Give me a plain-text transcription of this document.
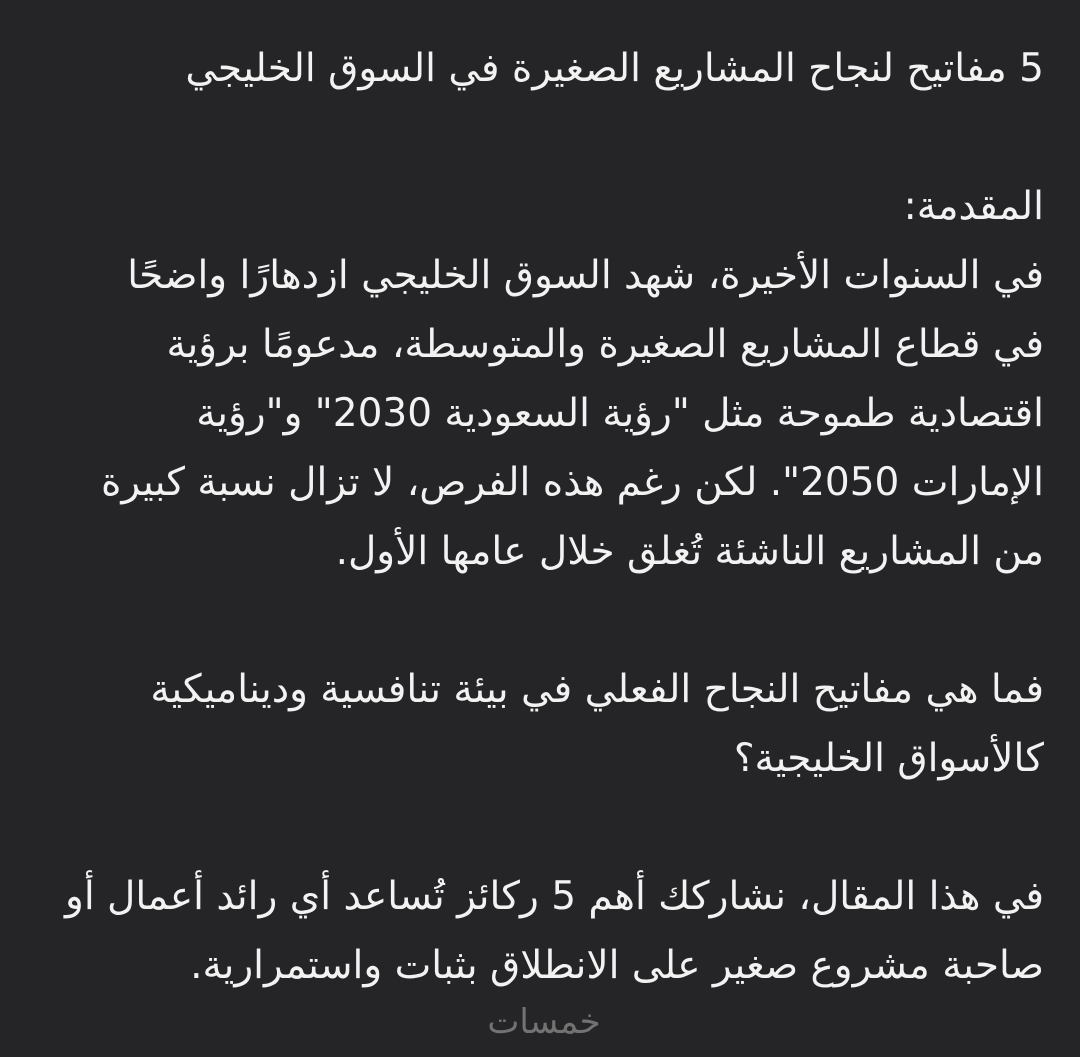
5 مفاتيح لنجاح المشاريع الصغيرة في السوق الخليجي
المقدمة:
في السنوات الأخيرة، شهد السوق الخليجي ازدهارًا واضحًا
في قطاع المشاريع الصغيرة والمتوسطة، مدعومًا برؤية
اقتصادية طموحة مثل "رؤية السعودية 2030" و"رؤية
الإمارات 2050". لكن رغم هذه الفرص، لا تزال نسبة كبيرة
من المشاريع الناشئة تُغلق خلال عامها الأول.
فما هي مفاتيح النجاح الفعلي في بيئة تنافسية وديناميكية
كالأسواق الخليجية؟
في هذا المقال، نشاركك أهم 5 ركائز تُساعد أي رائد أعمال أو
صاحبة مشروع صغير على الانطلاق بثبات واستمرارية.
خمسات
